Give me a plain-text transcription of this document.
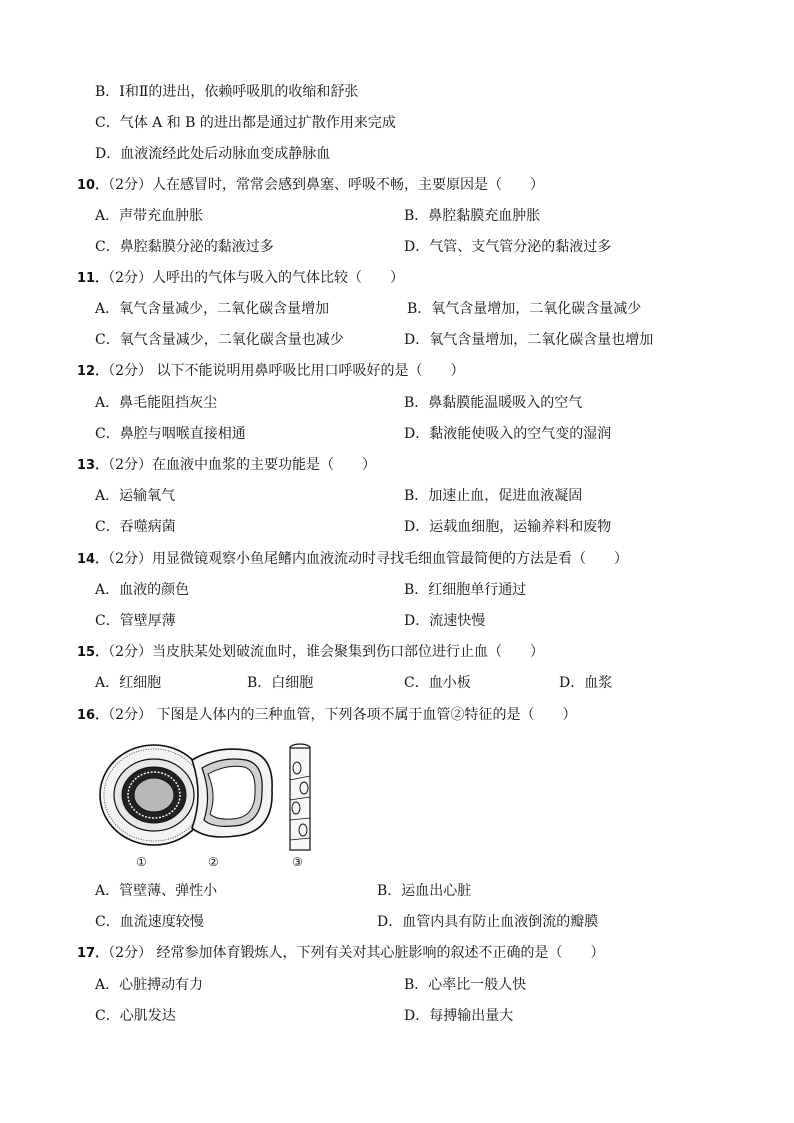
B．Ⅰ和Ⅱ的进出，依赖呼吸肌的收缩和舒张
C．气体 A 和 B 的进出都是通过扩散作用来完成
D．血液流经此处后动脉血变成静脉血
10．（2分）人在感冒时，常常会感到鼻塞、呼吸不畅，主要原因是（　　）
A．声带充血肿胀	B．鼻腔黏膜充血肿胀
C．鼻腔黏膜分泌的黏液过多	D．气管、支气管分泌的黏液过多
11．（2分）人呼出的气体与吸入的气体比较（　　）
A．氧气含量减少，二氧化碳含量增加	B．氧气含量增加，二氧化碳含量减少
C．氧气含量减少，二氧化碳含量也减少	D．氧气含量增加，二氧化碳含量也增加
12．（2分） 以下不能说明用鼻呼吸比用口呼吸好的是（　　）
A．鼻毛能阻挡灰尘	B．鼻黏膜能温暖吸入的空气
C．鼻腔与咽喉直接相通	D．黏液能使吸入的空气变的湿润
13．（2分）在血液中血浆的主要功能是（　　）
A．运输氧气	B．加速止血，促进血液凝固
C．吞噬病菌	D．运载血细胞，运输养料和废物
14．（2分）用显微镜观察小鱼尾鳍内血液流动时寻找毛细血管最简便的方法是看（　　）
A．血液的颜色	B．红细胞单行通过
C．管壁厚薄	D．流速快慢
15．（2分）当皮肤某处划破流血时，谁会聚集到伤口部位进行止血（　　）
A．红细胞	B．白细胞	C．血小板	D．血浆
16．（2分） 下图是人体内的三种血管，下列各项不属于血管②特征的是（　　）
①	②	③
A．管壁薄、弹性小	B．运血出心脏
C．血流速度较慢	D．血管内具有防止血液倒流的瓣膜
17．（2分） 经常参加体育锻炼人，下列有关对其心脏影响的叙述不正确的是（　　）
A．心脏搏动有力	B．心率比一般人快
C．心肌发达	D．每搏输出量大
